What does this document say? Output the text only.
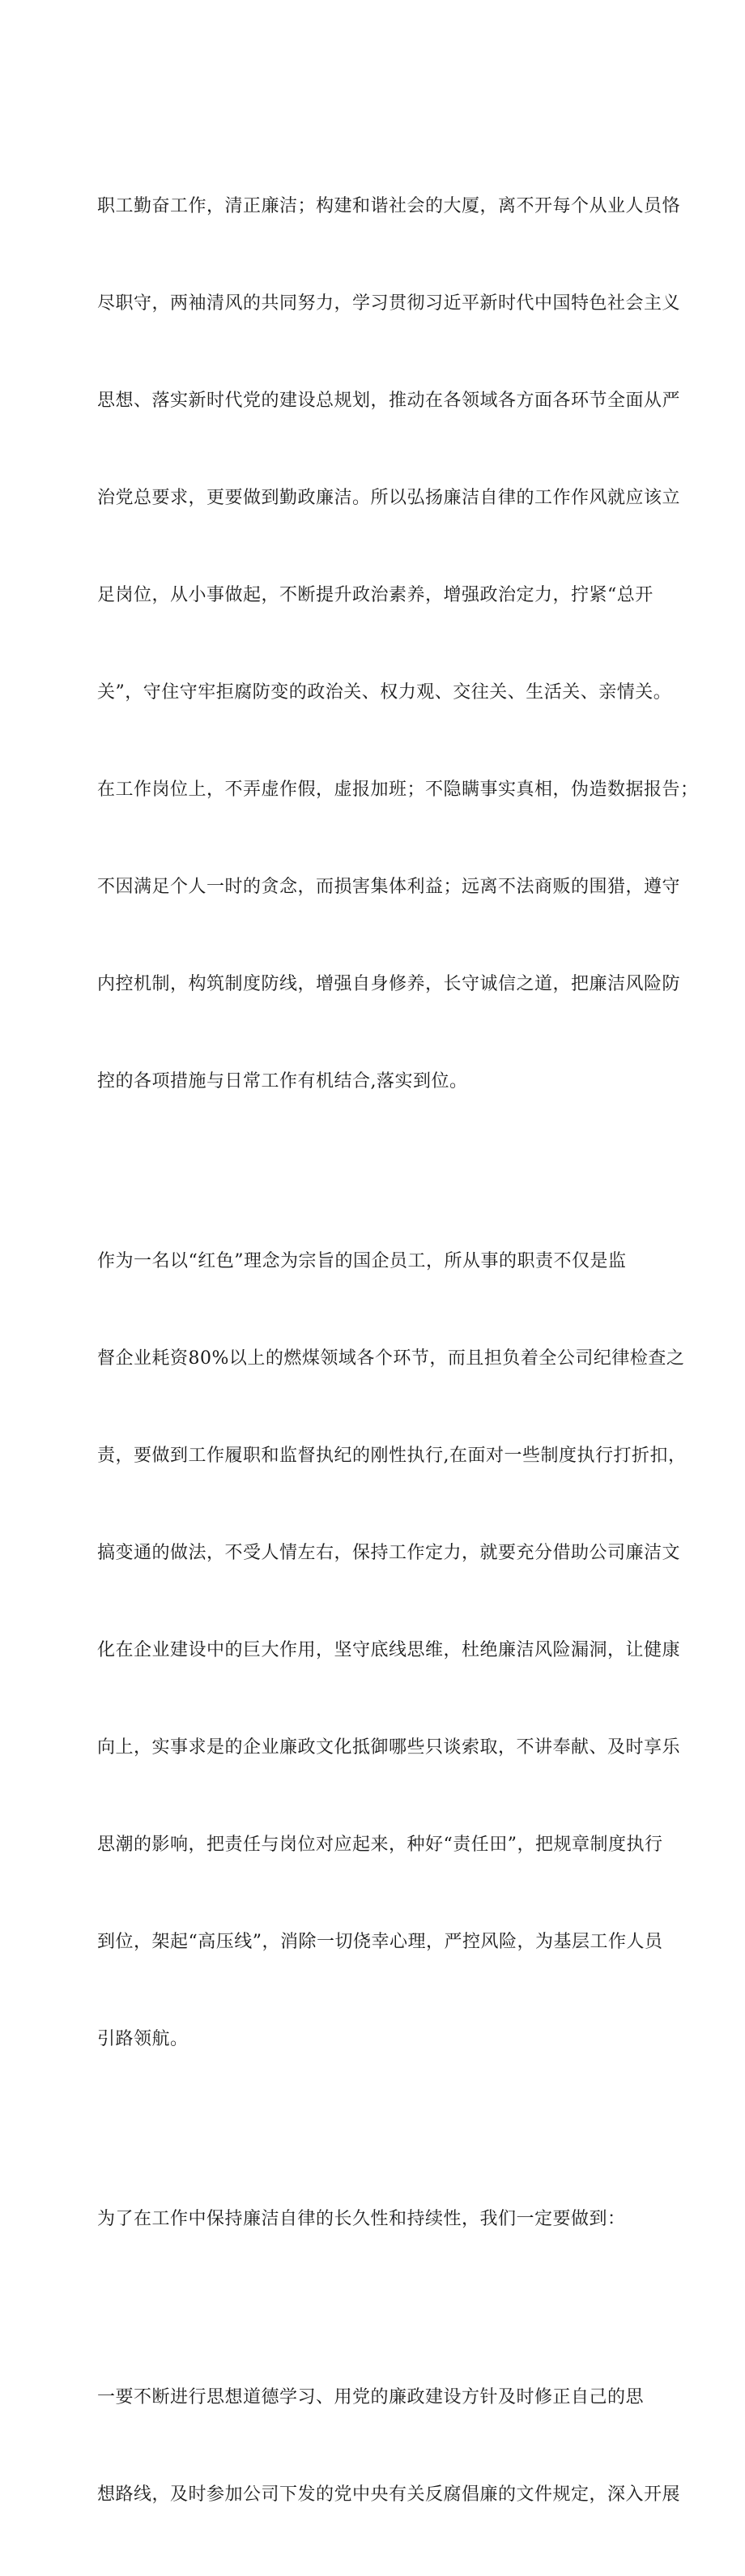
职工勤奋工作，清正廉洁；构建和谐社会的大厦，离不开每个从业人员恪

尽职守，两袖清风的共同努力，学习贯彻习近平新时代中国特色社会主义

思想、落实新时代党的建设总规划，推动在各领域各方面各环节全面从严

治党总要求，更要做到勤政廉洁。所以弘扬廉洁自律的工作作风就应该立

足岗位，从小事做起，不断提升政治素养，增强政治定力，拧紧“总开

关”，守住守牢拒腐防变的政治关、权力观、交往关、生活关、亲情关。

在工作岗位上，不弄虚作假，虚报加班；不隐瞒事实真相，伪造数据报告；

不因满足个人一时的贪念，而损害集体利益；远离不法商贩的围猎，遵守

内控机制，构筑制度防线，增强自身修养，长守诚信之道，把廉洁风险防

控的各项措施与日常工作有机结合,落实到位。

作为一名以“红色”理念为宗旨的国企员工，所从事的职责不仅是监

督企业耗资80%以上的燃煤领域各个环节，而且担负着全公司纪律检查之

责，要做到工作履职和监督执纪的刚性执行,在面对一些制度执行打折扣，

搞变通的做法，不受人情左右，保持工作定力，就要充分借助公司廉洁文

化在企业建设中的巨大作用，坚守底线思维，杜绝廉洁风险漏洞，让健康

向上，实事求是的企业廉政文化抵御哪些只谈索取，不讲奉献、及时享乐

思潮的影响，把责任与岗位对应起来，种好“责任田”，把规章制度执行

到位，架起“高压线”，消除一切侥幸心理，严控风险，为基层工作人员

引路领航。

为了在工作中保持廉洁自律的长久性和持续性，我们一定要做到：

一要不断进行思想道德学习、用党的廉政建设方针及时修正自己的思

想路线，及时参加公司下发的党中央有关反腐倡廉的文件规定，深入开展
